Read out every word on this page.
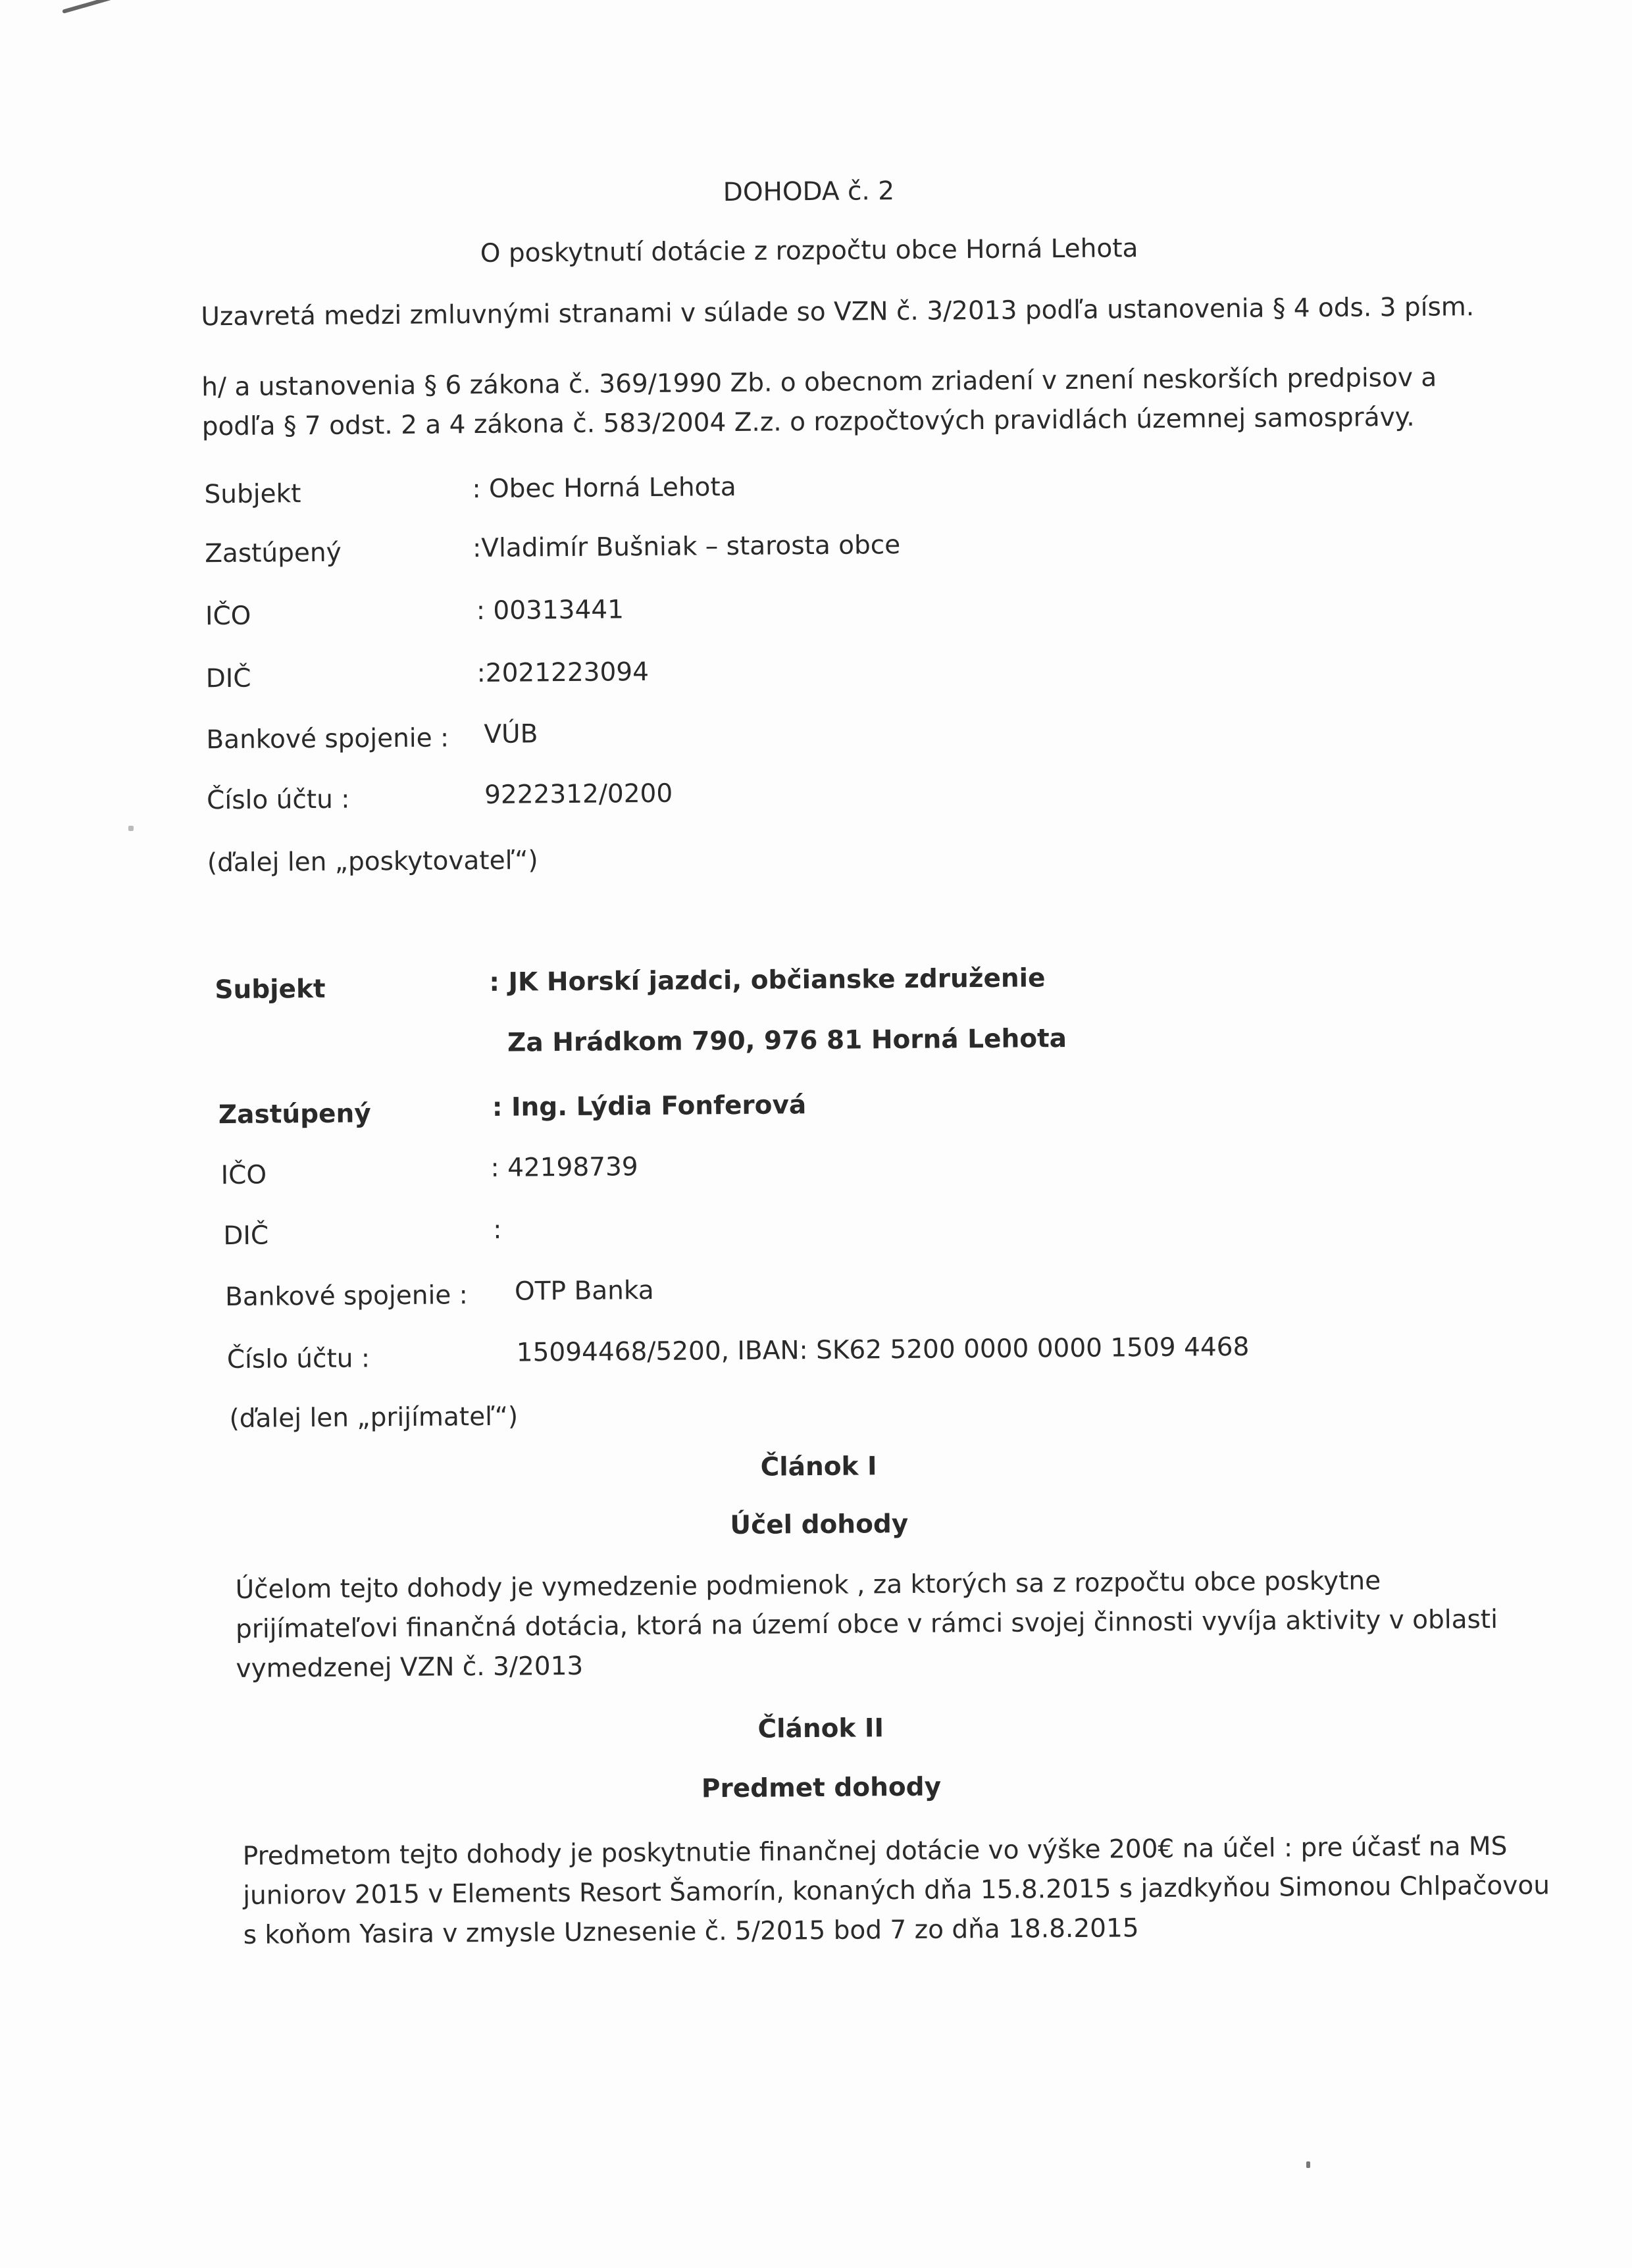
DOHODA č. 2
O poskytnutí dotácie z rozpočtu obce Horná Lehota
Uzavretá medzi zmluvnými stranami v súlade so VZN č. 3/2013 podľa ustanovenia § 4 ods. 3 písm.
h/ a ustanovenia § 6 zákona č. 369/1990 Zb. o obecnom zriadení v znení neskorších predpisov a
podľa § 7 odst. 2 a 4 zákona č. 583/2004 Z.z. o rozpočtových pravidlách územnej samosprávy.
Subjekt	: Obec Horná Lehota
Zastúpený	:Vladimír Bušniak – starosta obce
IČO	: 00313441
DIČ	:2021223094
Bankové spojenie : VÚB
Číslo účtu :	9222312/0200
(ďalej len „poskytovateľ“)
Subjekt	: JK Horskí jazdci, občianske združenie
Za Hrádkom 790, 976 81 Horná Lehota
Zastúpený	: Ing. Lýdia Fonferová
IČO	: 42198739
DIČ	:
Bankové spojenie : OTP Banka
Číslo účtu :	15094468/5200, IBAN: SK62 5200 0000 0000 1509 4468
(ďalej len „prijímateľ“)
Článok I
Účel dohody
Účelom tejto dohody je vymedzenie podmienok , za ktorých sa z rozpočtu obce poskytne
prijímateľovi finančná dotácia, ktorá na území obce v rámci svojej činnosti vyvíja aktivity v oblasti
vymedzenej VZN č. 3/2013
Článok II
Predmet dohody
Predmetom tejto dohody je poskytnutie finančnej dotácie vo výške 200€ na účel : pre účasť na MS
juniorov 2015 v Elements Resort Šamorín, konaných dňa 15.8.2015 s jazdkyňou Simonou Chlpačovou
s koňom Yasira v zmysle Uznesenie č. 5/2015 bod 7 zo dňa 18.8.2015
